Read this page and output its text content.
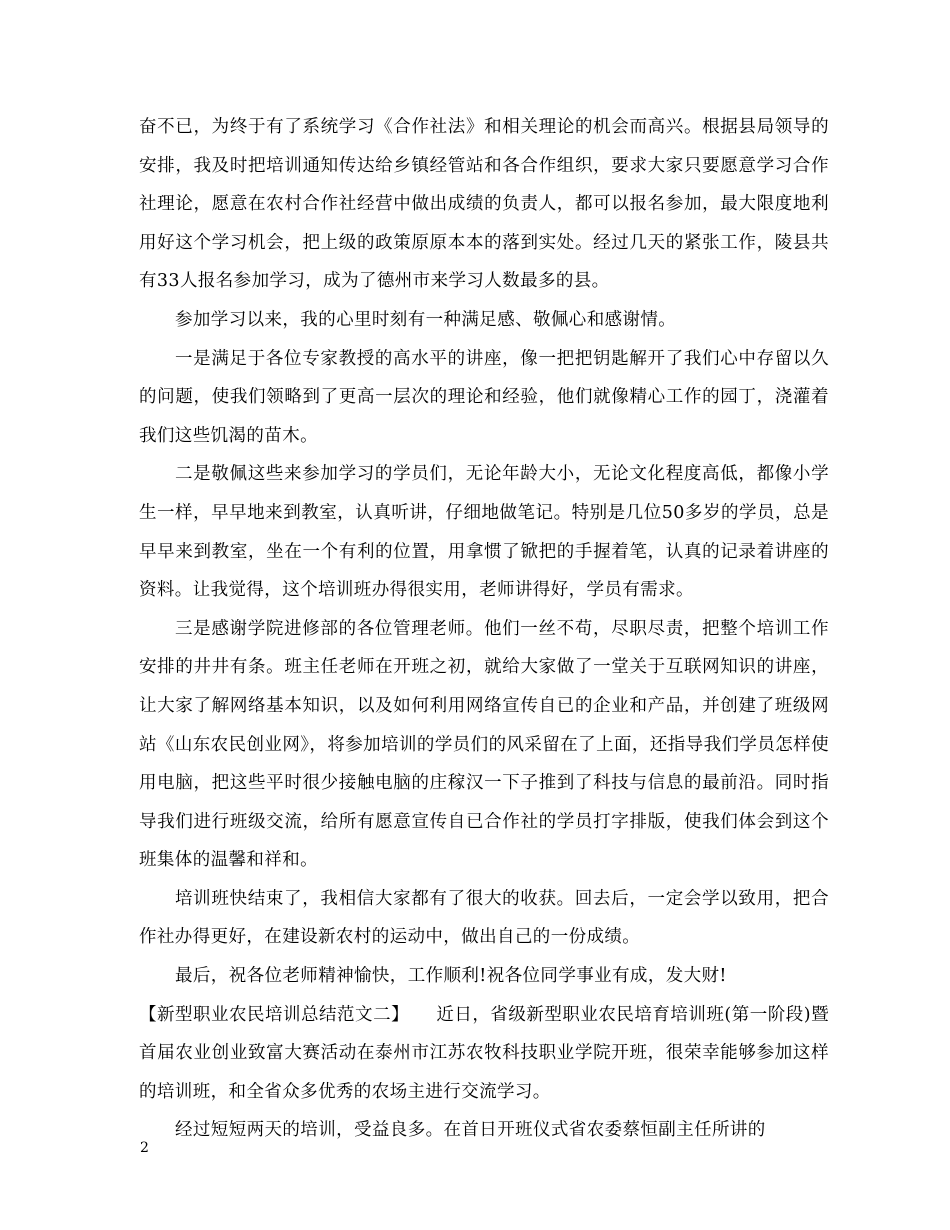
奋不已，为终于有了系统学习《合作社法》和相关理论的机会而高兴。根据县局领导的安排，我及时把培训通知传达给乡镇经管站和各合作组织，要求大家只要愿意学习合作社理论，愿意在农村合作社经营中做出成绩的负责人，都可以报名参加，最大限度地利用好这个学习机会，把上级的政策原原本本的落到实处。经过几天的紧张工作，陵县共有33人报名参加学习，成为了德州市来学习人数最多的县。

参加学习以来，我的心里时刻有一种满足感、敬佩心和感谢情。

一是满足于各位专家教授的高水平的讲座，像一把把钥匙解开了我们心中存留以久的问题，使我们领略到了更高一层次的理论和经验，他们就像精心工作的园丁，浇灌着我们这些饥渴的苗木。

二是敬佩这些来参加学习的学员们，无论年龄大小，无论文化程度高低，都像小学生一样，早早地来到教室，认真听讲，仔细地做笔记。特别是几位50多岁的学员，总是早早来到教室，坐在一个有利的位置，用拿惯了锨把的手握着笔，认真的记录着讲座的资料。让我觉得，这个培训班办得很实用，老师讲得好，学员有需求。

三是感谢学院进修部的各位管理老师。他们一丝不苟，尽职尽责，把整个培训工作安排的井井有条。班主任老师在开班之初，就给大家做了一堂关于互联网知识的讲座，让大家了解网络基本知识，以及如何利用网络宣传自已的企业和产品，并创建了班级网站《山东农民创业网》，将参加培训的学员们的风采留在了上面，还指导我们学员怎样使用电脑，把这些平时很少接触电脑的庄稼汉一下子推到了科技与信息的最前沿。同时指导我们进行班级交流，给所有愿意宣传自已合作社的学员打字排版，使我们体会到这个班集体的温馨和祥和。

培训班快结束了，我相信大家都有了很大的收获。回去后，一定会学以致用，把合作社办得更好，在建设新农村的运动中，做出自己的一份成绩。

最后，祝各位老师精神愉快，工作顺利!祝各位同学事业有成，发大财!

【新型职业农民培训总结范文二】　　近日，省级新型职业农民培育培训班(第一阶段)暨首届农业创业致富大赛活动在泰州市江苏农牧科技职业学院开班，很荣幸能够参加这样的培训班，和全省众多优秀的农场主进行交流学习。

经过短短两天的培训，受益良多。在首日开班仪式省农委蔡恒副主任所讲的

2
